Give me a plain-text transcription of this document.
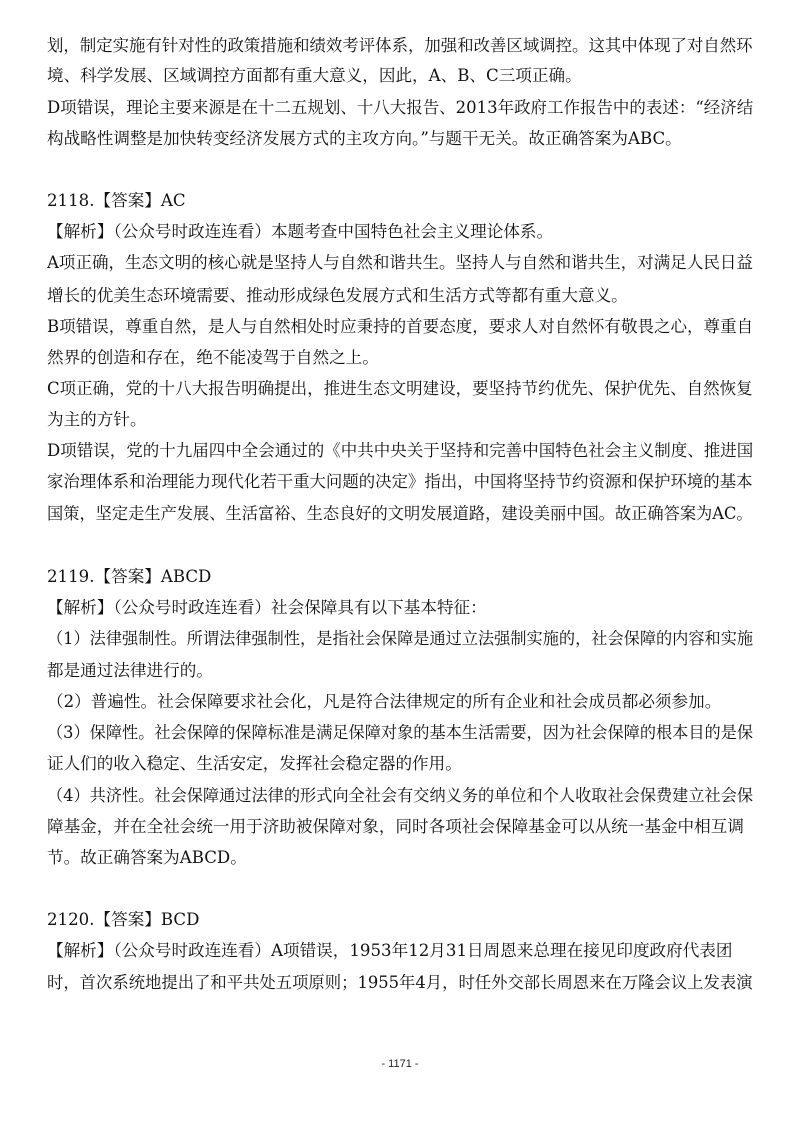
划，制定实施有针对性的政策措施和绩效考评体系，加强和改善区域调控。这其中体现了对自然环
境、科学发展、区域调控方面都有重大意义，因此，A、B、C三项正确。
D项错误，理论主要来源是在十二五规划、十八大报告、2013年政府工作报告中的表述：“经济结
构战略性调整是加快转变经济发展方式的主攻方向。”与题干无关。故正确答案为ABC。
2118.【答案】AC
【解析】（公众号时政连连看）本题考查中国特色社会主义理论体系。
A项正确，生态文明的核心就是坚持人与自然和谐共生。坚持人与自然和谐共生，对满足人民日益
增长的优美生态环境需要、推动形成绿色发展方式和生活方式等都有重大意义。
B项错误，尊重自然，是人与自然相处时应秉持的首要态度，要求人对自然怀有敬畏之心，尊重自
然界的创造和存在，绝不能凌驾于自然之上。
C项正确，党的十八大报告明确提出，推进生态文明建设，要坚持节约优先、保护优先、自然恢复
为主的方针。
D项错误，党的十九届四中全会通过的《中共中央关于坚持和完善中国特色社会主义制度、推进国
家治理体系和治理能力现代化若干重大问题的决定》指出，中国将坚持节约资源和保护环境的基本
国策，坚定走生产发展、生活富裕、生态良好的文明发展道路，建设美丽中国。故正确答案为AC。
2119.【答案】ABCD
【解析】（公众号时政连连看）社会保障具有以下基本特征：
（1）法律强制性。所谓法律强制性，是指社会保障是通过立法强制实施的，社会保障的内容和实施
都是通过法律进行的。
（2）普遍性。社会保障要求社会化，凡是符合法律规定的所有企业和社会成员都必须参加。
（3）保障性。社会保障的保障标准是满足保障对象的基本生活需要，因为社会保障的根本目的是保
证人们的收入稳定、生活安定，发挥社会稳定器的作用。
（4）共济性。社会保障通过法律的形式向全社会有交纳义务的单位和个人收取社会保费建立社会保
障基金，并在全社会统一用于济助被保障对象，同时各项社会保障基金可以从统一基金中相互调
节。故正确答案为ABCD。
2120.【答案】BCD
【解析】（公众号时政连连看）A项错误，1953年12月31日周恩来总理在接见印度政府代表团
时，首次系统地提出了和平共处五项原则；1955年4月，时任外交部长周恩来在万隆会议上发表演
- 1171 -
